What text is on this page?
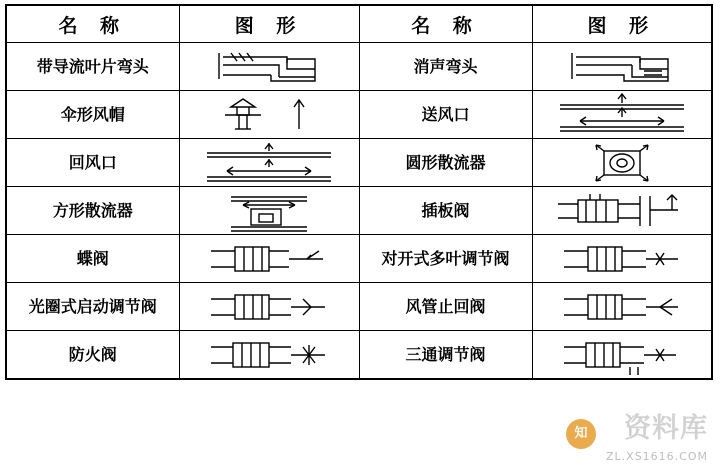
名 称	图 形	名 称	图 形
带导流叶片弯头		消声弯头	

伞形风帽		送风口	

回风口		圆形散流器	

方形散流器		插板阀	

蝶阀		对开式多叶调节阀	

光圈式启动调节阀		风管止回阀	

防火阀		三通调节阀	
知	资料库
ZL.XS1616.COM
